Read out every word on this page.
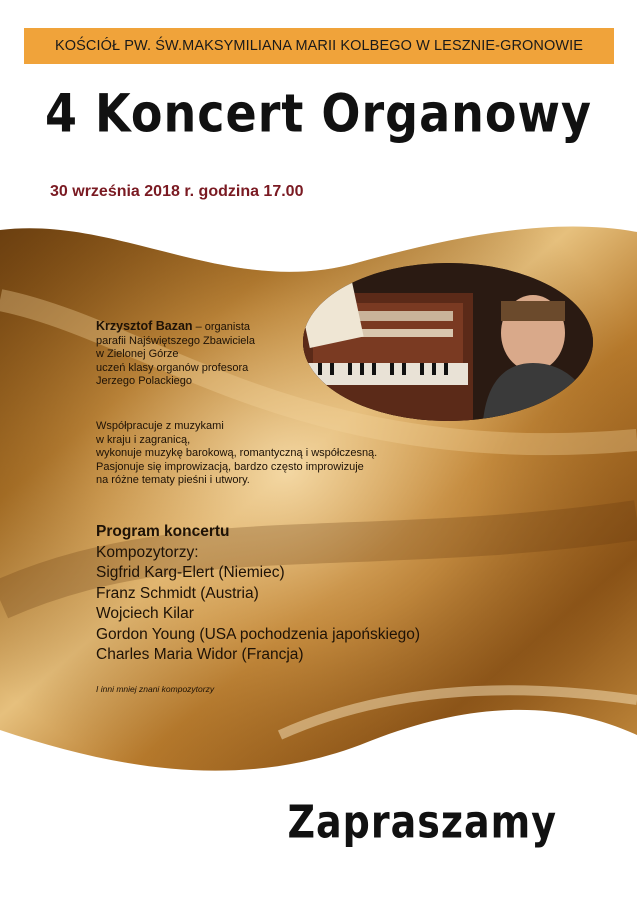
KOŚCIÓŁ PW. ŚW.MAKSYMILIANA MARII KOLBEGO W LESZNIE-GRONOWIE
4 Koncert Organowy
30 września 2018 r. godzina 17.00
Krzysztof Bazan – organista
parafii Najświętszego Zbawiciela
w Zielonej Górze
uczeń klasy organów profesora
Jerzego Polackiego
Współpracuje z muzykami
w kraju i zagranicą,
wykonuje muzykę barokową, romantyczną i współczesną.
Pasjonuje się improwizacją, bardzo często improwizuje
na różne tematy pieśni i utwory.
Program koncertu
Kompozytorzy:
Sigfrid Karg-Elert (Niemiec)
Franz Schmidt (Austria)
Wojciech Kilar
Gordon Young (USA pochodzenia japońskiego)
Charles Maria Widor (Francja)
I inni mniej znani kompozytorzy
Zapraszamy
